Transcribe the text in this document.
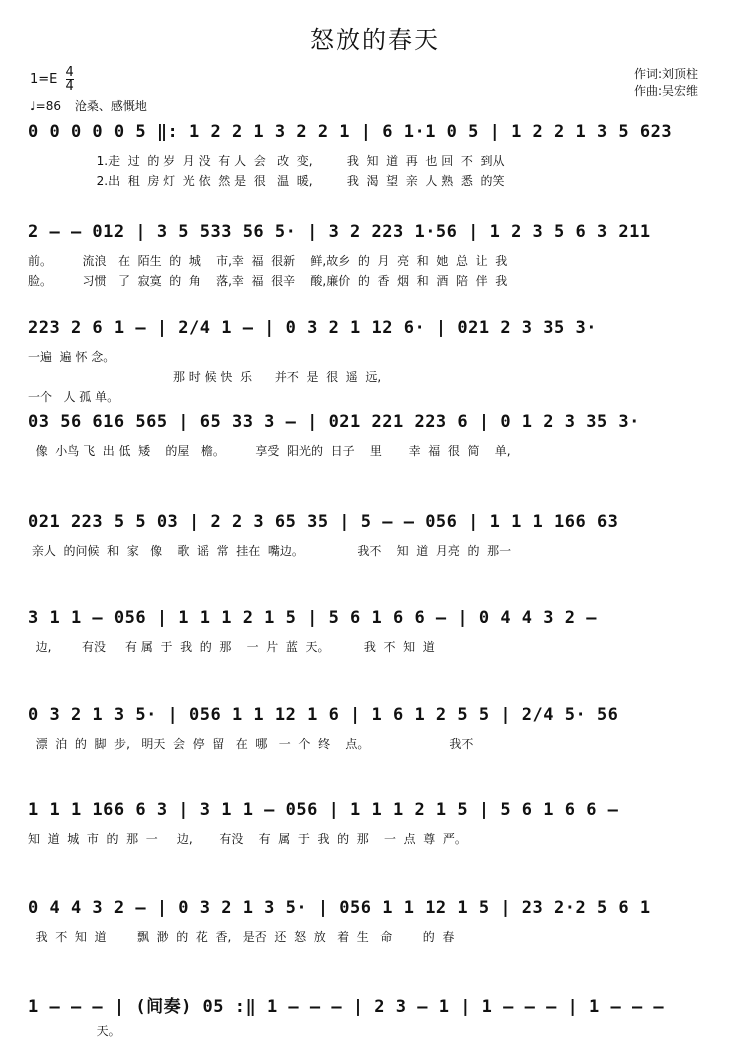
怒放的春天
$1=E \frac{4}{4}$
♩=86 沧桑、感慨地
作词:刘顶柱
作曲:吴宏维
0 0 0 0 0 5 ‖: 1 2 2 1 3 2 2 1 | 6 1·1 0 5 | 1 2 2 1 3 5 623
1.走  过  的 岁  月 没  有 人  会   改  变,         我  知  道  再  也 回  不  到从
2.出  租  房 灯  光 依  然 是  很   温  暖,         我  渴  望  亲  人 熟  悉  的笑
2 — — 012 | 3 5 533 56 5· | 3 2 223 1·56 | 1 2 3 5 6 3 211
前。        流浪   在  陌生  的  城    市,幸  福  很新    鲜,故乡  的  月  亮  和  她  总  让  我
脸。        习惯   了  寂寞  的  角    落,幸  福  很辛    酸,廉价  的  香  烟  和  酒  陪  伴  我
223 2 6 1 — | 2/4 1 — | 0 3 2 1 12 6· | 021 2 3 35 3·
一遍  遍 怀 念。
那 时 候 快  乐      并不  是  很  遥  远,
一个   人 孤 单。
03 56 616 565 | 65 33 3 — | 021 221 223 6 | 0 1 2 3 35 3·
像  小鸟 飞  出 低  矮    的屋   檐。        享受  阳光的  日子    里       幸  福  很  简    单,
021 223 5 5 03 | 2 2 3 65 35 | 5 — — 056 | 1 1 1 166 63
亲人  的问候  和  家   像    歌  谣  常  挂在  嘴边。              我不    知  道  月亮  的  那一
3 1 1 — 056 | 1 1 1 2 1 5 | 5 6 1 6 6 — | 0 4 4 3 2 —
边,        有没     有 属  于  我  的  那    一  片  蓝  天。         我  不  知  道
0 3 2 1 3 5· | 056 1 1 12 1 6 | 1 6 1 2 5 5 | 2/4 5· 56
漂  泊  的  脚  步,   明天  会  停  留   在  哪   一  个  终    点。                     我不
1 1 1 166 6 3 | 3 1 1 — 056 | 1 1 1 2 1 5 | 5 6 1 6 6 —
知  道  城  市  的  那  一     边,       有没    有  属  于  我  的  那    一  点  尊  严。
0 4 4 3 2 — | 0 3 2 1 3 5· | 056 1 1 12 1 5 | 23 2·2 5 6 1
我  不  知  道        飘  渺  的  花  香,   是否  还  怒  放   着  生   命        的  春
1 — — — | (间奏) 05 :‖ 1 — — — | 2 3 — 1 | 1 — — — | 1 — — —
天。
